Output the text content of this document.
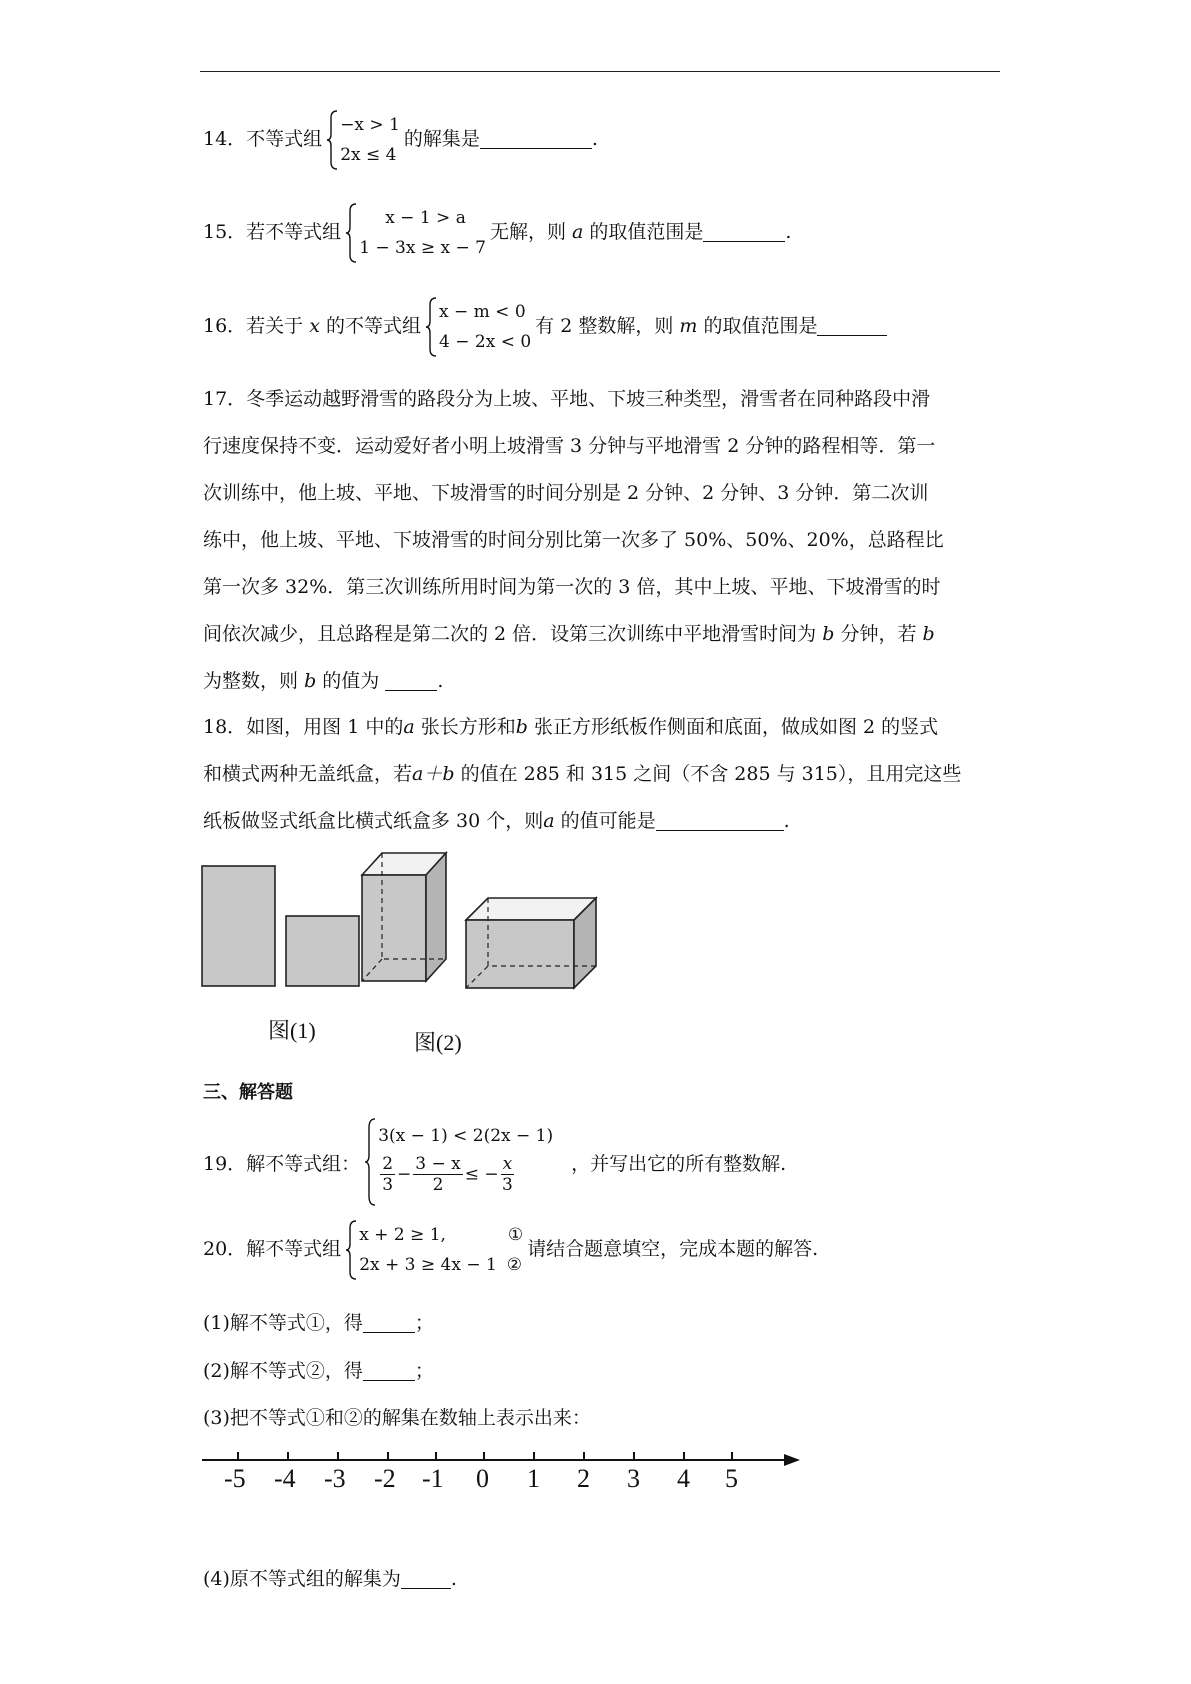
14．不等式组
−x > 1
2x ≤ 4
的解集是	.
15．若不等式组
x − 1 > a
1 − 3x ≥ x − 7
无解，则 a 的取值范围是	.
16．若关于 x 的不等式组
x − m < 0
4 − 2x < 0
有 2 整数解，则 m 的取值范围是
17．冬季运动越野滑雪的路段分为上坡、平地、下坡三种类型，滑雪者在同种路段中滑
行速度保持不变．运动爱好者小明上坡滑雪 3 分钟与平地滑雪 2 分钟的路程相等．第一
次训练中，他上坡、平地、下坡滑雪的时间分别是 2 分钟、2 分钟、3 分钟．第二次训
练中，他上坡、平地、下坡滑雪的时间分别比第一次多了 50%、50%、20%，总路程比
第一次多 32%．第三次训练所用时间为第一次的 3 倍，其中上坡、平地、下坡滑雪的时
间依次减少，且总路程是第二次的 2 倍．设第三次训练中平地滑雪时间为 b 分钟，若 b
为整数，则 b 的值为	.
18．如图，用图 1 中的a 张长方形和b 张正方形纸板作侧面和底面，做成如图 2 的竖式
和横式两种无盖纸盒，若a＋b 的值在 285 和 315 之间（不含 285 与 315），且用完这些
纸板做竖式纸盒比横式纸盒多 30 个，则a 的值可能是	.
图(1)	图(2)
三、解答题
19．解不等式组：
3(x − 1) < 2(2x − 1)
$\frac{2}{3} - \frac{3 - x}{2}$ ≤ − $\frac{x}{3}$	，并写出它的所有整数解.
20．解不等式组
x + 2 ≥ 1,	①
2x + 3 ≥ 4x − 1 ②
请结合题意填空，完成本题的解答.
(1)解不等式①，得	；
(2)解不等式②，得	；
(3)把不等式①和②的解集在数轴上表示出来：
-5 -4 -3 -2 -1 0 1 2 3 4 5
(4)原不等式组的解集为	.
